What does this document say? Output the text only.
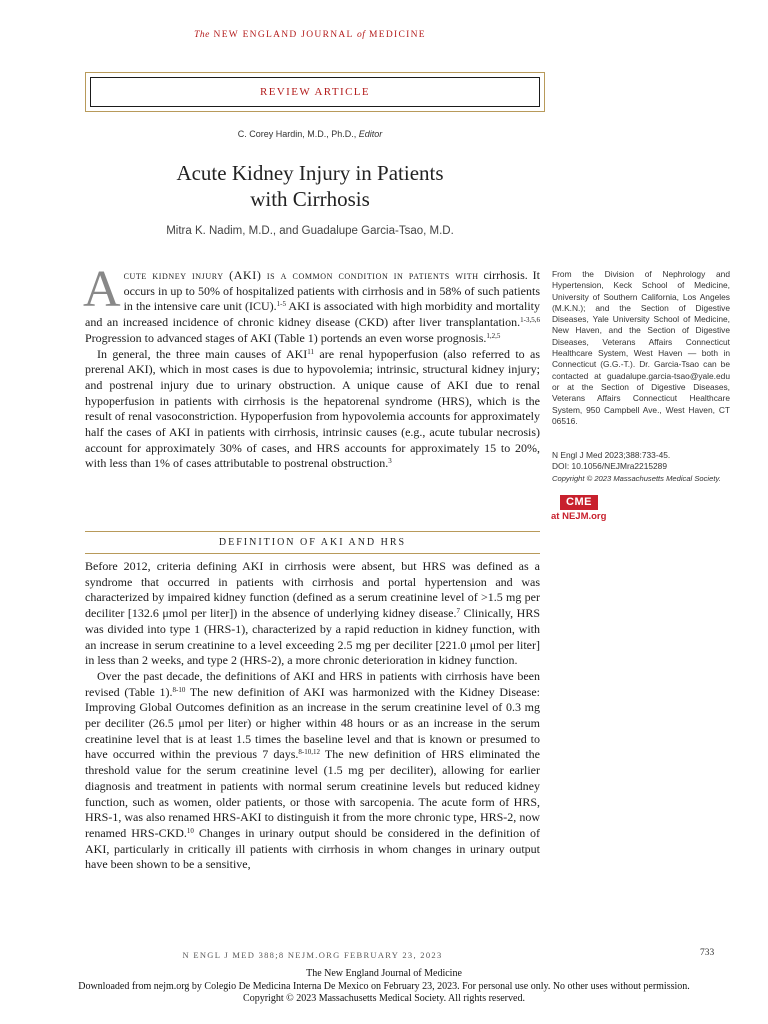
The NEW ENGLAND JOURNAL of MEDICINE
REVIEW ARTICLE
C. Corey Hardin, M.D., Ph.D., Editor
Acute Kidney Injury in Patients
with Cirrhosis
Mitra K. Nadim, M.D., and Guadalupe Garcia-Tsao, M.D.

Acute kidney injury (AKI) is a common condition in patients with cirrhosis. It occurs in up to 50% of hospitalized patients with cirrhosis and in 58% of such patients in the intensive care unit (ICU).$^{1-5}$ AKI is associated with high morbidity and mortality and an increased incidence of chronic kidney disease (CKD) after liver transplantation.$^{1-3,5,6}$ Progression to advanced stages of AKI (Table 1) portends an even worse prognosis.$^{1,2,5}$

In general, the three main causes of AKI$^{11}$ are renal hypoperfusion (also referred to as prerenal AKI), which in most cases is due to hypovolemia; intrinsic, structural kidney injury; and postrenal injury due to urinary obstruction. A unique cause of AKI due to renal hypoperfusion in patients with cirrhosis is the hepatorenal syndrome (HRS), which is the result of renal vasoconstriction. Hypoperfusion from hypovolemia accounts for approximately half the cases of AKI in patients with cirrhosis, intrinsic causes (e.g., acute tubular necrosis) account for approximately 30% of cases, and HRS accounts for approximately 15 to 20%, with less than 1% of cases attributable to postrenal obstruction.$^3$

DEFINITION OF AKI AND HRS

Before 2012, criteria defining AKI in cirrhosis were absent, but HRS was defined as a syndrome that occurred in patients with cirrhosis and portal hypertension and was characterized by impaired kidney function (defined as a serum creatinine level of >1.5 mg per deciliter [132.6 μmol per liter]) in the absence of underlying kidney disease.$^7$ Clinically, HRS was divided into type 1 (HRS-1), characterized by a rapid reduction in kidney function, with an increase in serum creatinine to a level exceeding 2.5 mg per deciliter [221.0 μmol per liter] in less than 2 weeks, and type 2 (HRS-2), a more chronic deterioration in kidney function.

Over the past decade, the definitions of AKI and HRS in patients with cirrhosis have been revised (Table 1).$^{8-10}$ The new definition of AKI was harmonized with the Kidney Disease: Improving Global Outcomes definition as an increase in the serum creatinine level of 0.3 mg per deciliter (26.5 μmol per liter) or higher within 48 hours or as an increase in the serum creatinine level that is at least 1.5 times the baseline level and that is known or presumed to have occurred within the previous 7 days.$^{8-10,12}$ The new definition of HRS eliminated the threshold value for the serum creatinine level (1.5 mg per deciliter), allowing for earlier diagnosis and treatment in patients with normal serum creatinine levels but reduced kidney function, such as women, older patients, or those with sarcopenia. The acute form of HRS, HRS-1, was also renamed HRS-AKI to distinguish it from the more chronic type, HRS-2, now renamed HRS-CKD.$^{10}$ Changes in urinary output should be considered in the definition of AKI, particularly in critically ill patients with cirrhosis in whom changes in urinary output have been shown to be a sensitive,

From the Division of Nephrology and Hypertension, Keck School of Medicine, University of Southern California, Los Angeles (M.K.N.); and the Section of Digestive Diseases, Yale University School of Medicine, New Haven, and the Section of Digestive Diseases, Veterans Affairs Connecticut Healthcare System, West Haven — both in Connecticut (G.G.-T.). Dr. Garcia-Tsao can be contacted at guadalupe.garcia-tsao@yale.edu or at the Section of Digestive Diseases, Veterans Affairs Connecticut Healthcare System, 950 Campbell Ave., West Haven, CT 06516.
N Engl J Med 2023;388:733-45.
DOI: 10.1056/NEJMra2215289
Copyright © 2023 Massachusetts Medical Society.
CME
at NEJM.org
N ENGL J MED 388;8 NEJM.ORG FEBRUARY 23, 2023	733
The New England Journal of Medicine
Downloaded from nejm.org by Colegio De Medicina Interna De Mexico on February 23, 2023. For personal use only. No other uses without permission.
Copyright © 2023 Massachusetts Medical Society. All rights reserved.
